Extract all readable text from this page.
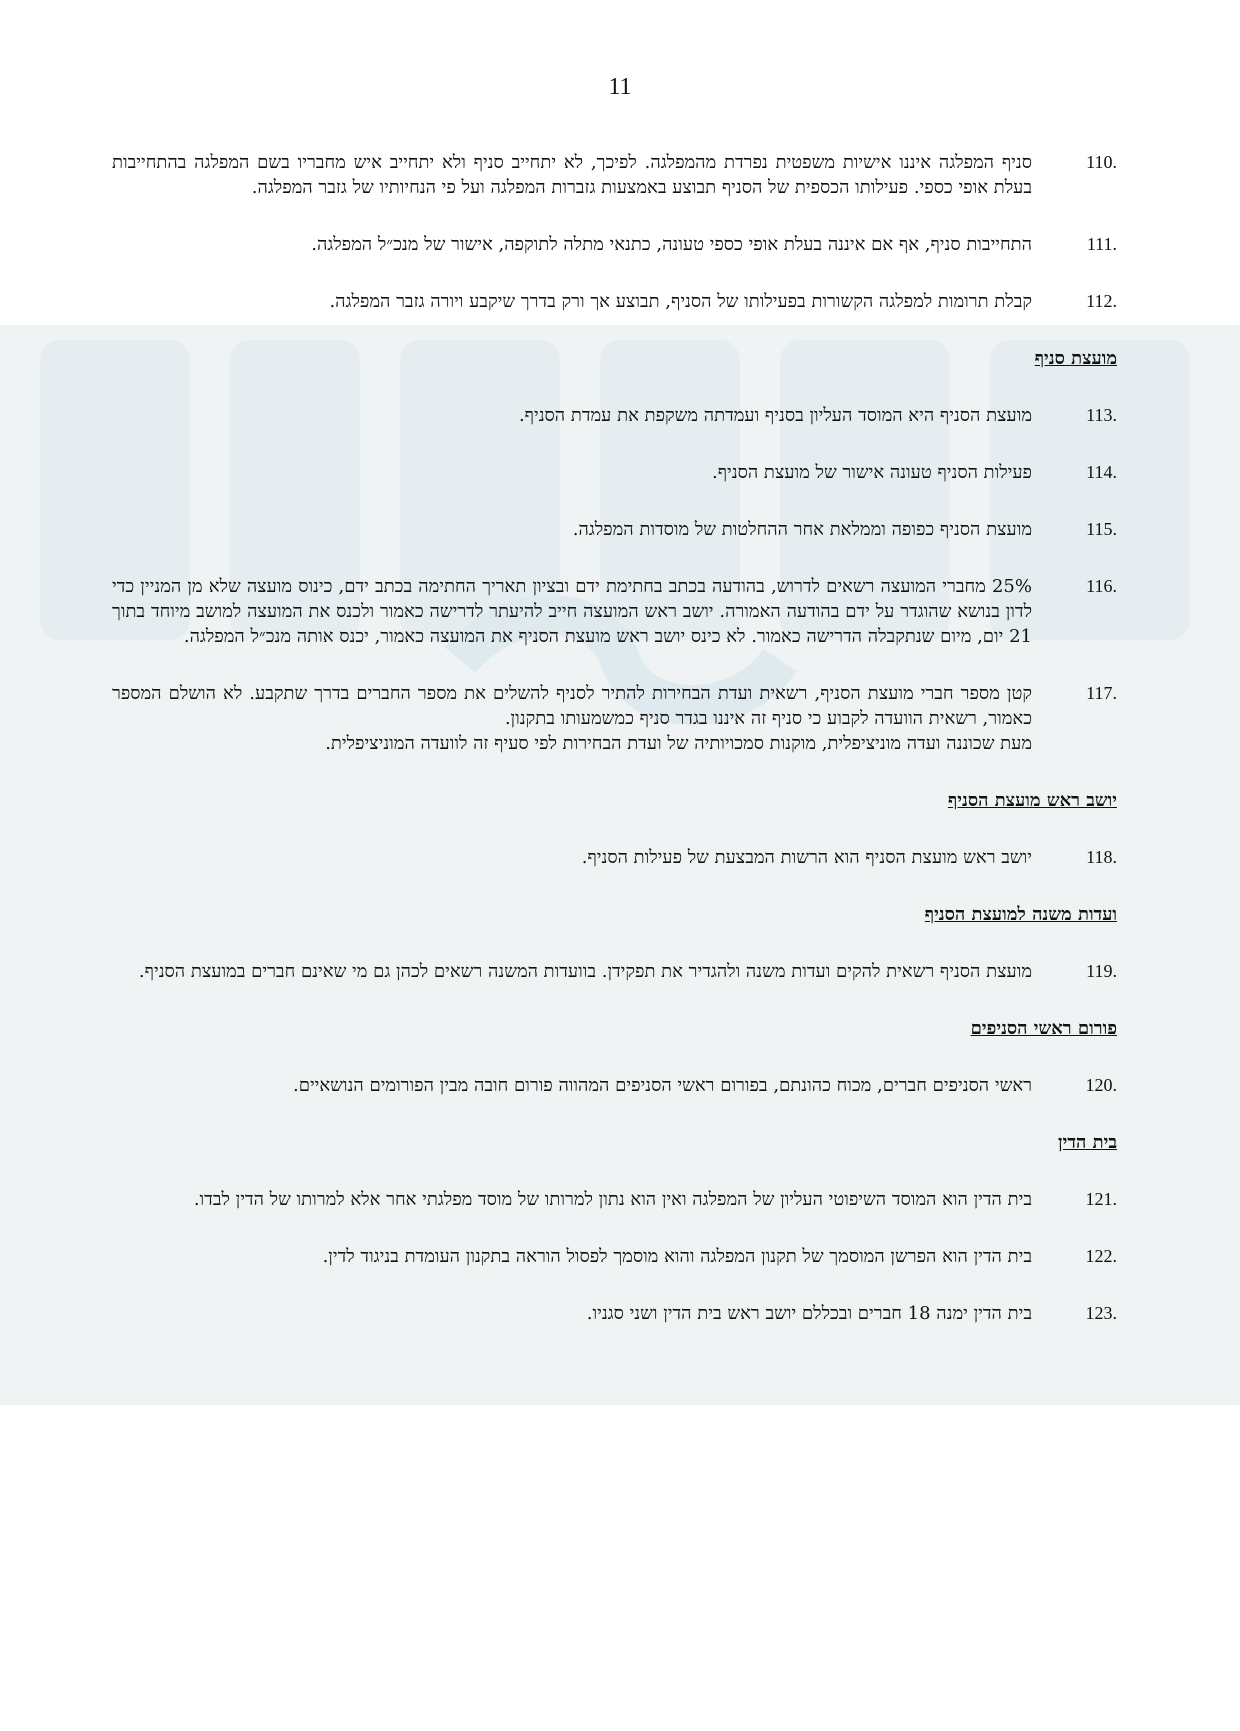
11
110.
סניף המפלגה איננו אישיות משפטית נפרדת מהמפלגה. לפיכך, לא יתחייב סניף ולא יתחייב איש מחבריו בשם המפלגה בהתחייבות בעלת אופי כספי. פעילותו הכספית של הסניף תבוצע באמצעות גזברות המפלגה ועל פי הנחיותיו של גזבר המפלגה.
111.
התחייבות סניף, אף אם איננה בעלת אופי כספי טעונה, כתנאי מתלה לתוקפה, אישור של מנכ״ל המפלגה.
112.
קבלת תרומות למפלגה הקשורות בפעילותו של הסניף, תבוצע אך ורק בדרך שיקבע ויורה גזבר המפלגה.
מועצת סניף
113.
מועצת הסניף היא המוסד העליון בסניף ועמדתה משקפת את עמדת הסניף.
114.
פעילות הסניף טעונה אישור של מועצת הסניף.
115.
מועצת הסניף כפופה וממלאת אחר ההחלטות של מוסדות המפלגה.
116.
25% מחברי המועצה רשאים לדרוש, בהודעה בכתב בחתימת ידם ובציון תאריך החתימה בכתב ידם, כינוס מועצה שלא מן המניין כדי לדון בנושא שהוגדר על ידם בהודעה האמורה. יושב ראש המועצה חייב להיעתר לדרישה כאמור ולכנס את המועצה למושב מיוחד בתוך 21 יום, מיום שנתקבלה הדרישה כאמור. לא כינס יושב ראש מועצת הסניף את המועצה כאמור, יכנס אותה מנכ״ל המפלגה.
117.
קטן מספר חברי מועצת הסניף, רשאית ועדת הבחירות להתיר לסניף להשלים את מספר החברים בדרך שתקבע. לא הושלם המספר כאמור, רשאית הוועדה לקבוע כי סניף זה איננו בגדר סניף כמשמעותו בתקנון.
מעת שכוננה ועדה מוניציפלית, מוקנות סמכויותיה של ועדת הבחירות לפי סעיף זה לוועדה המוניציפלית.
יושב ראש מועצת הסניף
118.
יושב ראש מועצת הסניף הוא הרשות המבצעת של פעילות הסניף.
ועדות משנה למועצת הסניף
119.
מועצת הסניף רשאית להקים ועדות משנה ולהגדיר את תפקידן. בוועדות המשנה רשאים לכהן גם מי שאינם חברים במועצת הסניף.
פורום ראשי הסניפים
120.
ראשי הסניפים חברים, מכוח כהונתם, בפורום ראשי הסניפים המהווה פורום חובה מבין הפורומים הנושאיים.
בית הדין
121.
בית הדין הוא המוסד השיפוטי העליון של המפלגה ואין הוא נתון למרותו של מוסד מפלגתי אחר אלא למרותו של הדין לבדו.
122.
בית הדין הוא הפרשן המוסמך של תקנון המפלגה והוא מוסמך לפסול הוראה בתקנון העומדת בניגוד לדין.
123.
בית הדין ימנה 18 חברים ובכללם יושב ראש בית הדין ושני סגניו.
